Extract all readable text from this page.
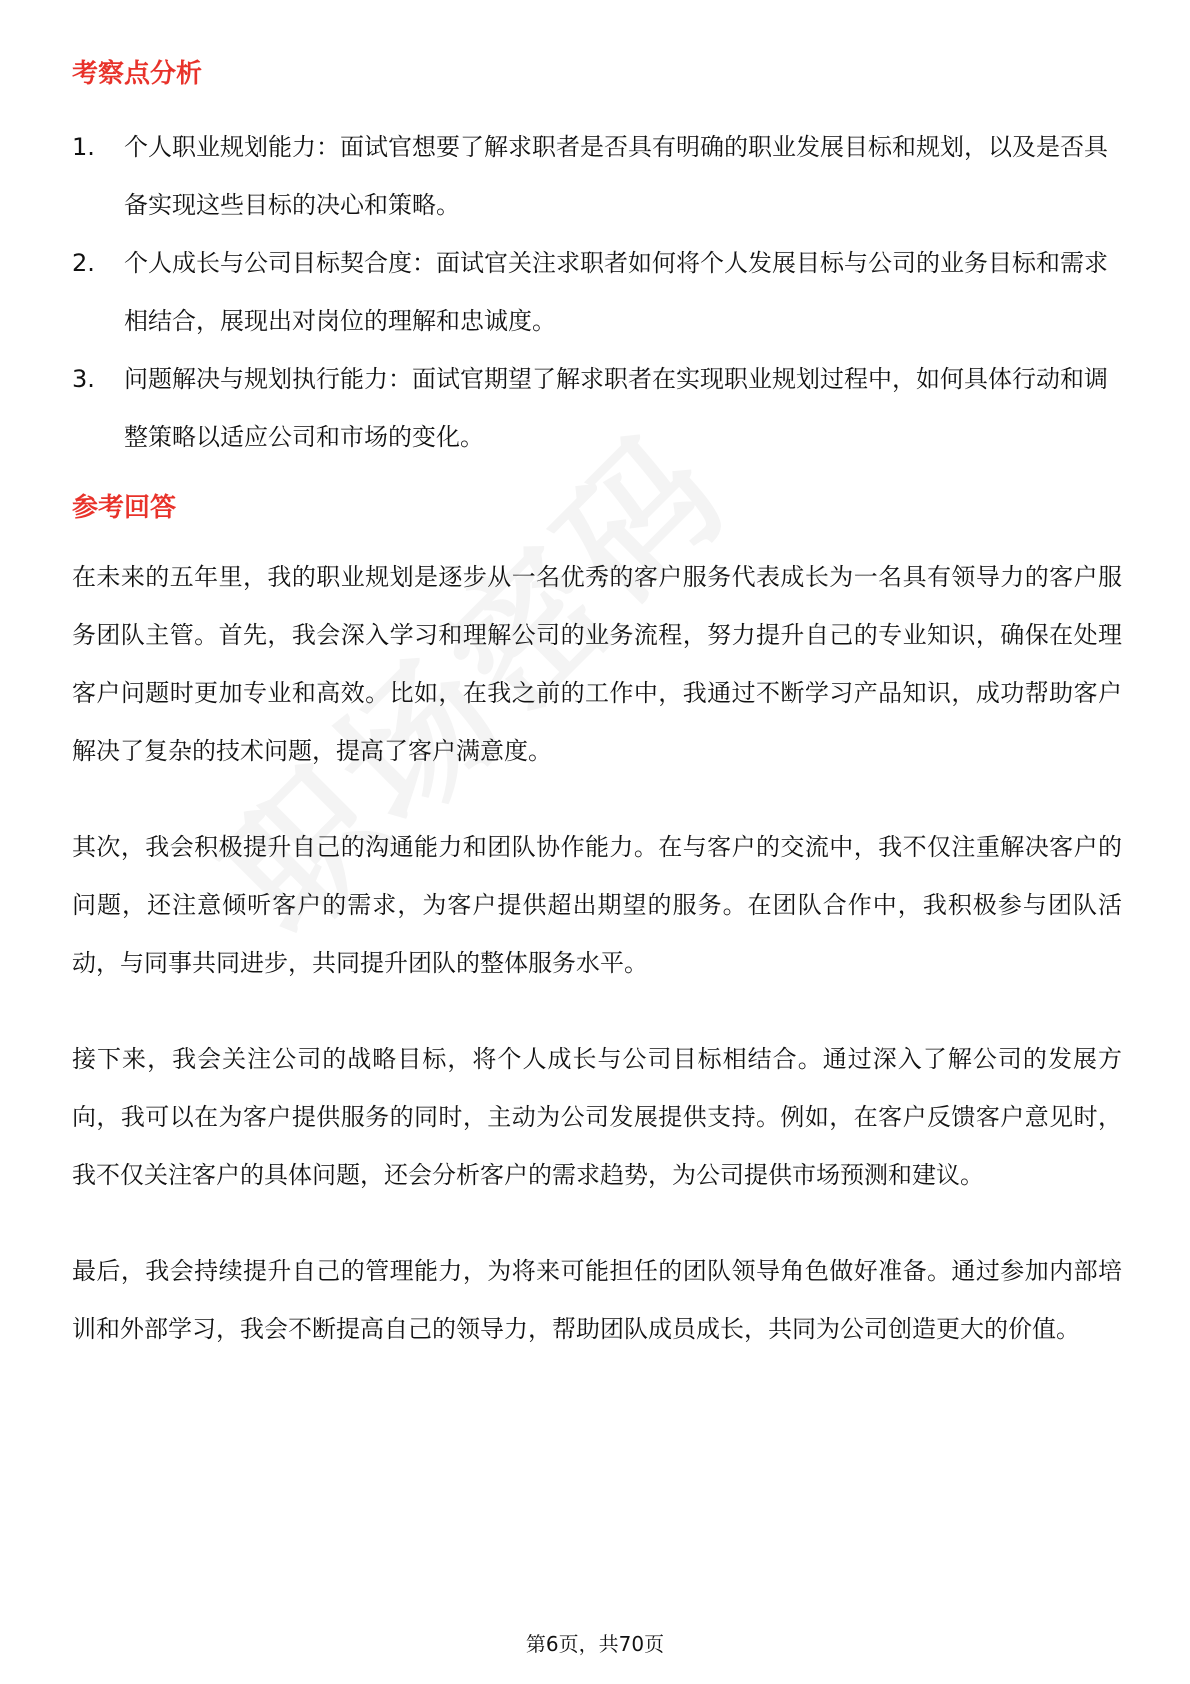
考察点分析
1.	个人职业规划能力：面试官想要了解求职者是否具有明确的职业发展目标和规划，以及是否具备实现这些目标的决心和策略。
2.	个人成长与公司目标契合度：面试官关注求职者如何将个人发展目标与公司的业务目标和需求相结合，展现出对岗位的理解和忠诚度。
3.	问题解决与规划执行能力：面试官期望了解求职者在实现职业规划过程中，如何具体行动和调整策略以适应公司和市场的变化。
参考回答

在未来的五年里，我的职业规划是逐步从一名优秀的客户服务代表成长为一名具有领导力的客户服务团队主管。首先，我会深入学习和理解公司的业务流程，努力提升自己的专业知识，确保在处理客户问题时更加专业和高效。比如，在我之前的工作中，我通过不断学习产品知识，成功帮助客户解决了复杂的技术问题，提高了客户满意度。

其次，我会积极提升自己的沟通能力和团队协作能力。在与客户的交流中，我不仅注重解决客户的问题，还注意倾听客户的需求，为客户提供超出期望的服务。在团队合作中，我积极参与团队活动，与同事共同进步，共同提升团队的整体服务水平。

接下来，我会关注公司的战略目标，将个人成长与公司目标相结合。通过深入了解公司的发展方向，我可以在为客户提供服务的同时，主动为公司发展提供支持。例如，在客户反馈客户意见时，我不仅关注客户的具体问题，还会分析客户的需求趋势，为公司提供市场预测和建议。

最后，我会持续提升自己的管理能力，为将来可能担任的团队领导角色做好准备。通过参加内部培训和外部学习，我会不断提高自己的领导力，帮助团队成员成长，共同为公司创造更大的价值。

第6页，共70页
